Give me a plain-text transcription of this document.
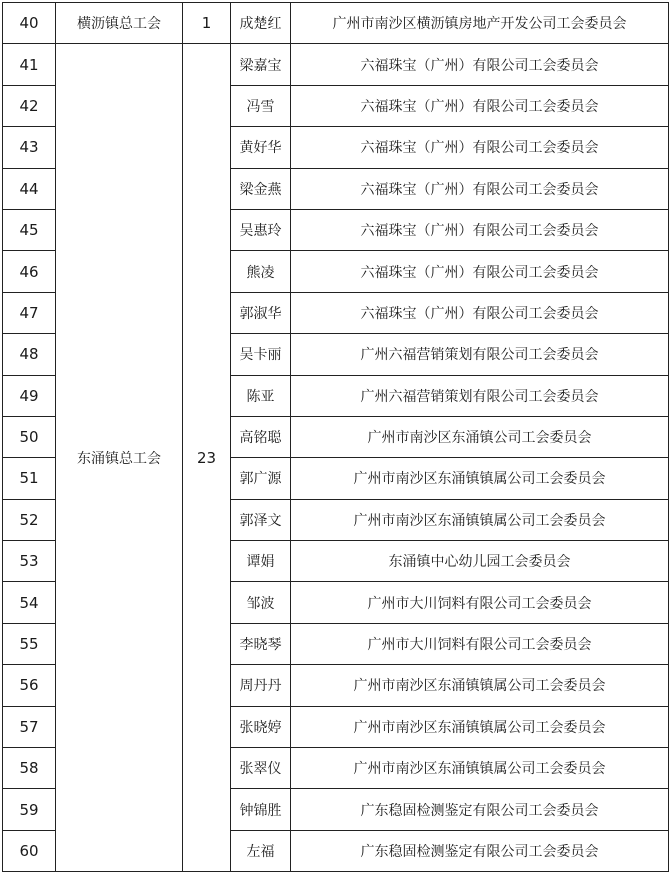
40	横沥镇总工会	1	成楚红	广州市南沙区横沥镇房地产开发公司工会委员会
41	东涌镇总工会	23	梁嘉宝	六福珠宝（广州）有限公司工会委员会
42			冯雪	六福珠宝（广州）有限公司工会委员会
43			黄好华	六福珠宝（广州）有限公司工会委员会
44			梁金燕	六福珠宝（广州）有限公司工会委员会
45			吴惠玲	六福珠宝（广州）有限公司工会委员会
46			熊凌	六福珠宝（广州）有限公司工会委员会
47			郭淑华	六福珠宝（广州）有限公司工会委员会
48			吴卡丽	广州六福营销策划有限公司工会委员会
49			陈亚	广州六福营销策划有限公司工会委员会
50			高铭聪	广州市南沙区东涌镇公司工会委员会
51			郭广源	广州市南沙区东涌镇镇属公司工会委员会
52			郭泽文	广州市南沙区东涌镇镇属公司工会委员会
53			谭娟	东涌镇中心幼儿园工会委员会
54			邹波	广州市大川饲料有限公司工会委员会
55			李晓琴	广州市大川饲料有限公司工会委员会
56			周丹丹	广州市南沙区东涌镇镇属公司工会委员会
57			张晓婷	广州市南沙区东涌镇镇属公司工会委员会
58			张翠仪	广州市南沙区东涌镇镇属公司工会委员会
59			钟锦胜	广东稳固检测鉴定有限公司工会委员会
60			左福	广东稳固检测鉴定有限公司工会委员会
